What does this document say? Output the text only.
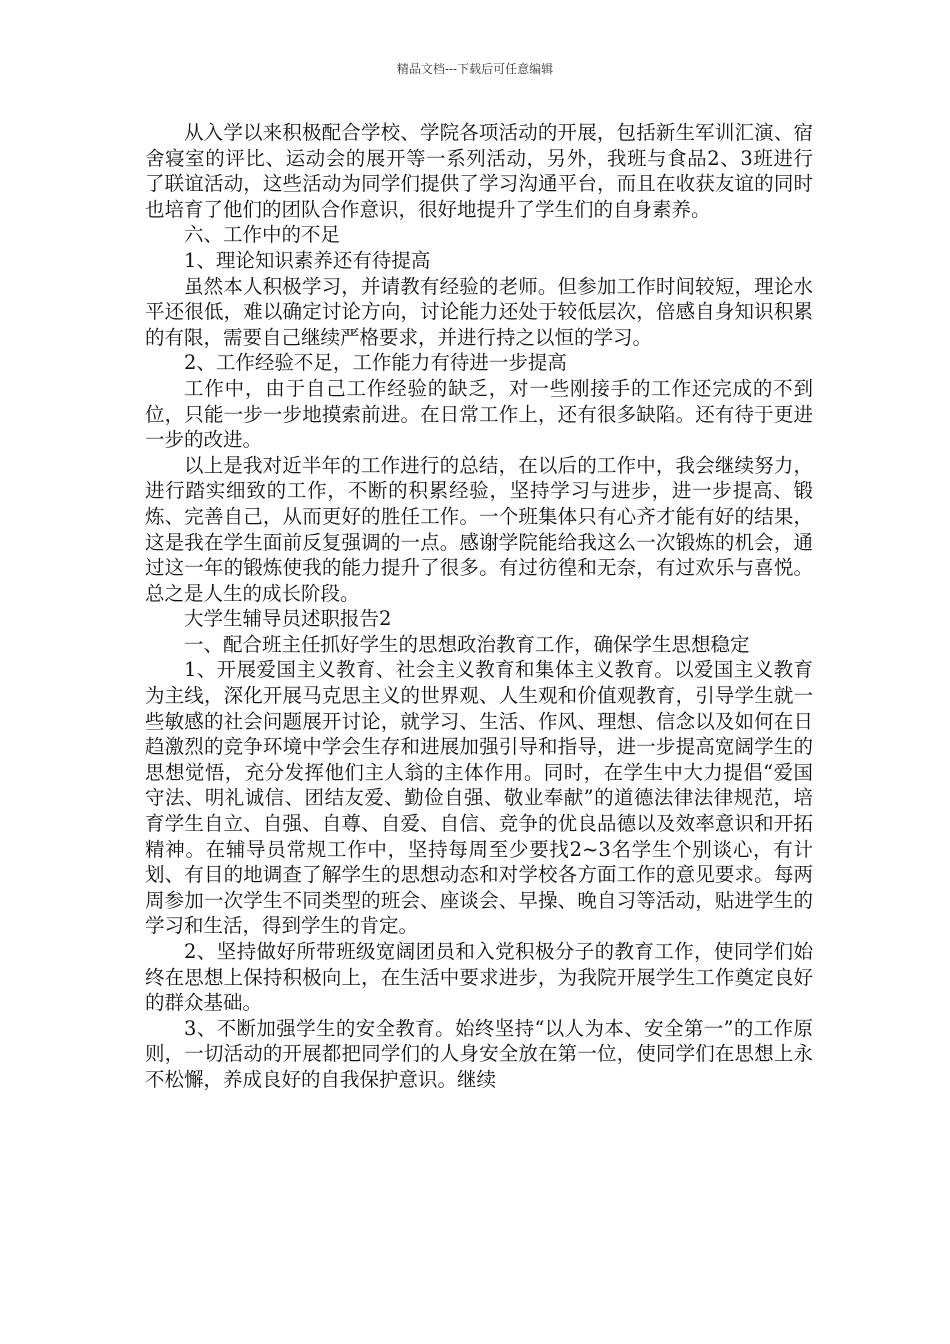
精品文档---下载后可任意编辑

从入学以来积极配合学校、学院各项活动的开展，包括新生军训汇演、宿舍寝室的评比、运动会的展开等一系列活动，另外，我班与食品2、3班进行了联谊活动，这些活动为同学们提供了学习沟通平台，而且在收获友谊的同时也培育了他们的团队合作意识，很好地提升了学生们的自身素养。

六、工作中的不足

1、理论知识素养还有待提高

虽然本人积极学习，并请教有经验的老师。但参加工作时间较短，理论水平还很低，难以确定讨论方向，讨论能力还处于较低层次，倍感自身知识积累的有限，需要自己继续严格要求，并进行持之以恒的学习。

2、工作经验不足，工作能力有待进一步提高

工作中，由于自己工作经验的缺乏，对一些刚接手的工作还完成的不到位，只能一步一步地摸索前进。在日常工作上，还有很多缺陷。还有待于更进一步的改进。

以上是我对近半年的工作进行的总结，在以后的工作中，我会继续努力，进行踏实细致的工作，不断的积累经验，坚持学习与进步，进一步提高、锻炼、完善自己，从而更好的胜任工作。一个班集体只有心齐才能有好的结果，这是我在学生面前反复强调的一点。感谢学院能给我这么一次锻炼的机会，通过这一年的锻炼使我的能力提升了很多。有过彷徨和无奈，有过欢乐与喜悦。总之是人生的成长阶段。

大学生辅导员述职报告2

一、配合班主任抓好学生的思想政治教育工作，确保学生思想稳定

1、开展爱国主义教育、社会主义教育和集体主义教育。以爱国主义教育为主线，深化开展马克思主义的世界观、人生观和价值观教育，引导学生就一些敏感的社会问题展开讨论，就学习、生活、作风、理想、信念以及如何在日趋激烈的竞争环境中学会生存和进展加强引导和指导，进一步提高宽阔学生的思想觉悟，充分发挥他们主人翁的主体作用。同时，在学生中大力提倡“爱国守法、明礼诚信、团结友爱、勤俭自强、敬业奉献”的道德法律法律规范，培育学生自立、自强、自尊、自爱、自信、竞争的优良品德以及效率意识和开拓精神。在辅导员常规工作中，坚持每周至少要找2~3名学生个别谈心，有计划、有目的地调查了解学生的思想动态和对学校各方面工作的意见要求。每两周参加一次学生不同类型的班会、座谈会、早操、晚自习等活动，贴进学生的学习和生活，得到学生的肯定。

2、坚持做好所带班级宽阔团员和入党积极分子的教育工作，使同学们始终在思想上保持积极向上，在生活中要求进步，为我院开展学生工作奠定良好的群众基础。

3、不断加强学生的安全教育。始终坚持“以人为本、安全第一”的工作原则，一切活动的开展都把同学们的人身安全放在第一位，使同学们在思想上永不松懈，养成良好的自我保护意识。继续
